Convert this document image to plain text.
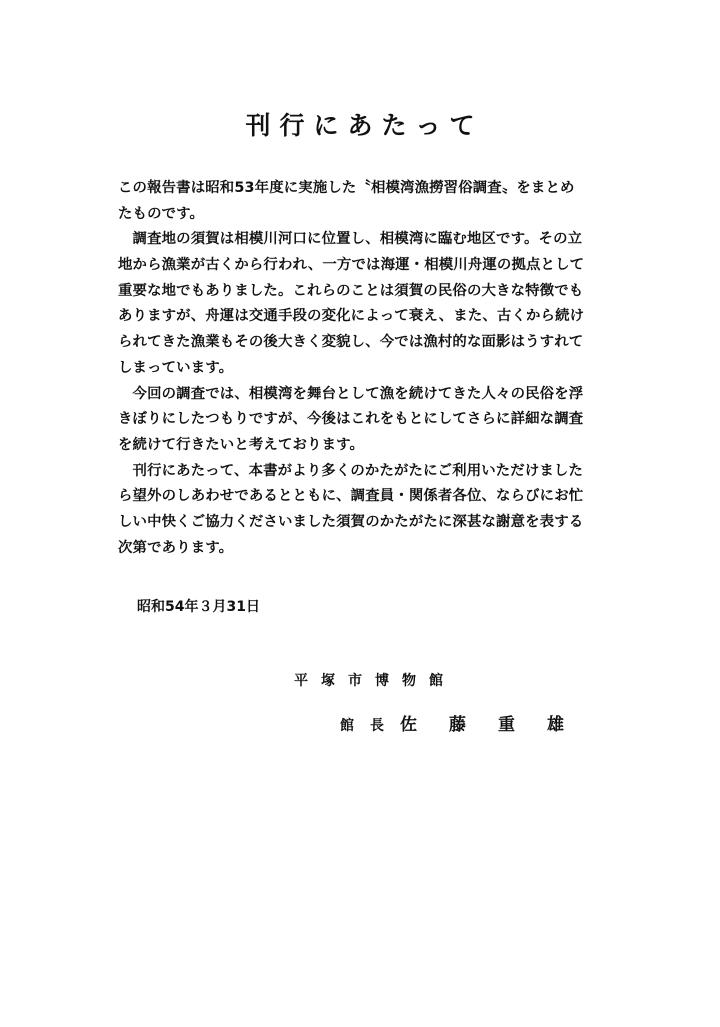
刊行にあたって
この報告書は昭和53年度に実施した〝相模湾漁撈習俗調査〟をまとめ
たものです。
　調査地の須賀は相模川河口に位置し、相模湾に臨む地区です。その立
地から漁業が古くから行われ、一方では海運・相模川舟運の拠点として
重要な地でもありました。これらのことは須賀の民俗の大きな特徴でも
ありますが、舟運は交通手段の変化によって衰え、また、古くから続け
られてきた漁業もその後大きく変貌し、今では漁村的な面影はうすれて
しまっています。
　今回の調査では、相模湾を舞台として漁を続けてきた人々の民俗を浮
きぼりにしたつもりですが、今後はこれをもとにしてさらに詳細な調査
を続けて行きたいと考えております。
　刊行にあたって、本書がより多くのかたがたにご利用いただけました
ら望外のしあわせであるとともに、調査員・関係者各位、ならびにお忙
しい中快くご協力くださいました須賀のかたがたに深甚な謝意を表する
次第であります。
昭和54年３月31日
平塚市博物館
館長佐藤重雄
